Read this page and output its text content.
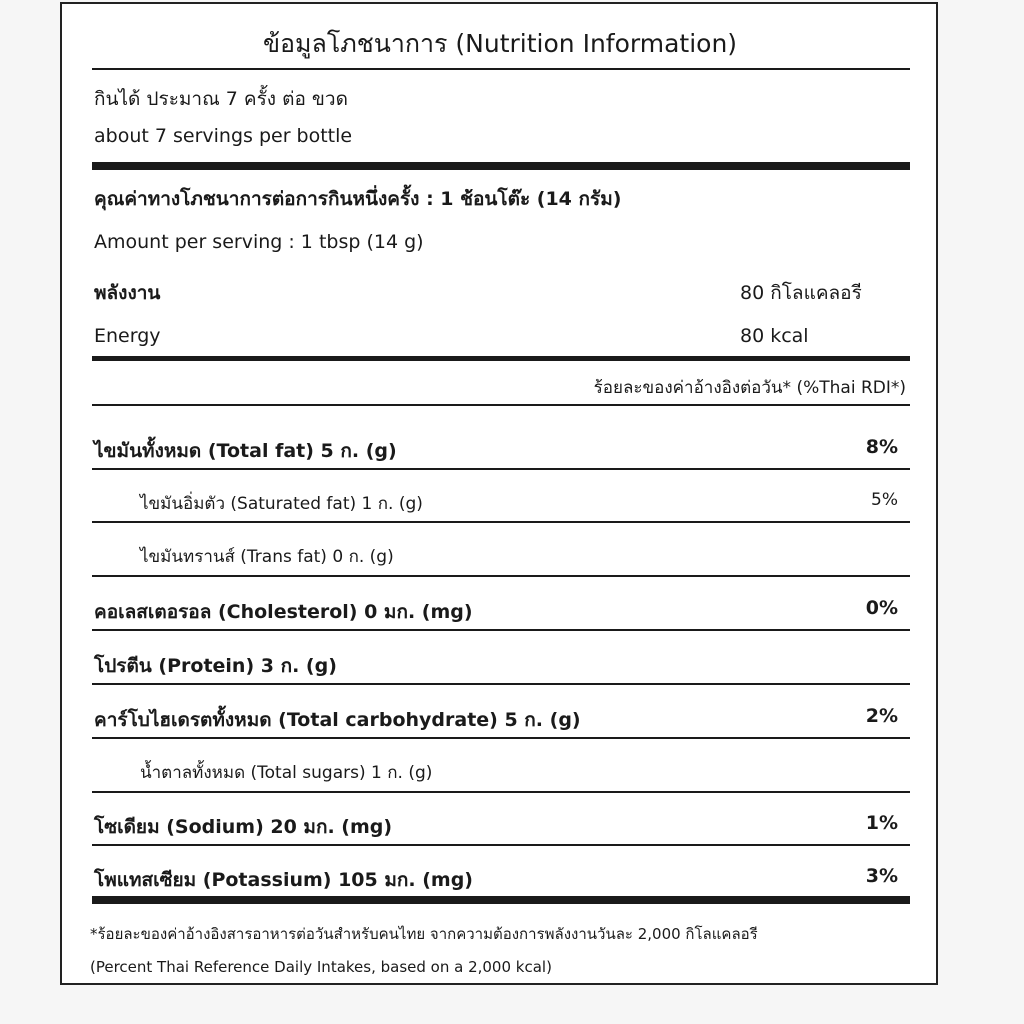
ข้อมูลโภชนาการ (Nutrition Information)
กินได้ ประมาณ 7 ครั้ง ต่อ ขวด
about 7 servings per bottle
คุณค่าทางโภชนาการต่อการกินหนึ่งครั้ง : 1 ช้อนโต๊ะ (14 กรัม)
Amount per serving : 1 tbsp (14 g)
พลังงาน	80 กิโลแคลอรี
Energy	80 kcal
ร้อยละของค่าอ้างอิงต่อวัน* (%Thai RDI*)
ไขมันทั้งหมด (Total fat) 5 ก. (g)	8%
ไขมันอิ่มตัว (Saturated fat) 1 ก. (g)	5%
ไขมันทรานส์ (Trans fat) 0 ก. (g)
คอเลสเตอรอล (Cholesterol) 0 มก. (mg)	0%
โปรตีน (Protein) 3 ก. (g)
คาร์โบไฮเดรตทั้งหมด (Total carbohydrate) 5 ก. (g)	2%
น้ำตาลทั้งหมด (Total sugars) 1 ก. (g)
โซเดียม (Sodium) 20 มก. (mg)	1%
โพแทสเซียม (Potassium) 105 มก. (mg)	3%
*ร้อยละของค่าอ้างอิงสารอาหารต่อวันสำหรับคนไทย จากความต้องการพลังงานวันละ 2,000 กิโลแคลอรี
(Percent Thai Reference Daily Intakes, based on a 2,000 kcal)
